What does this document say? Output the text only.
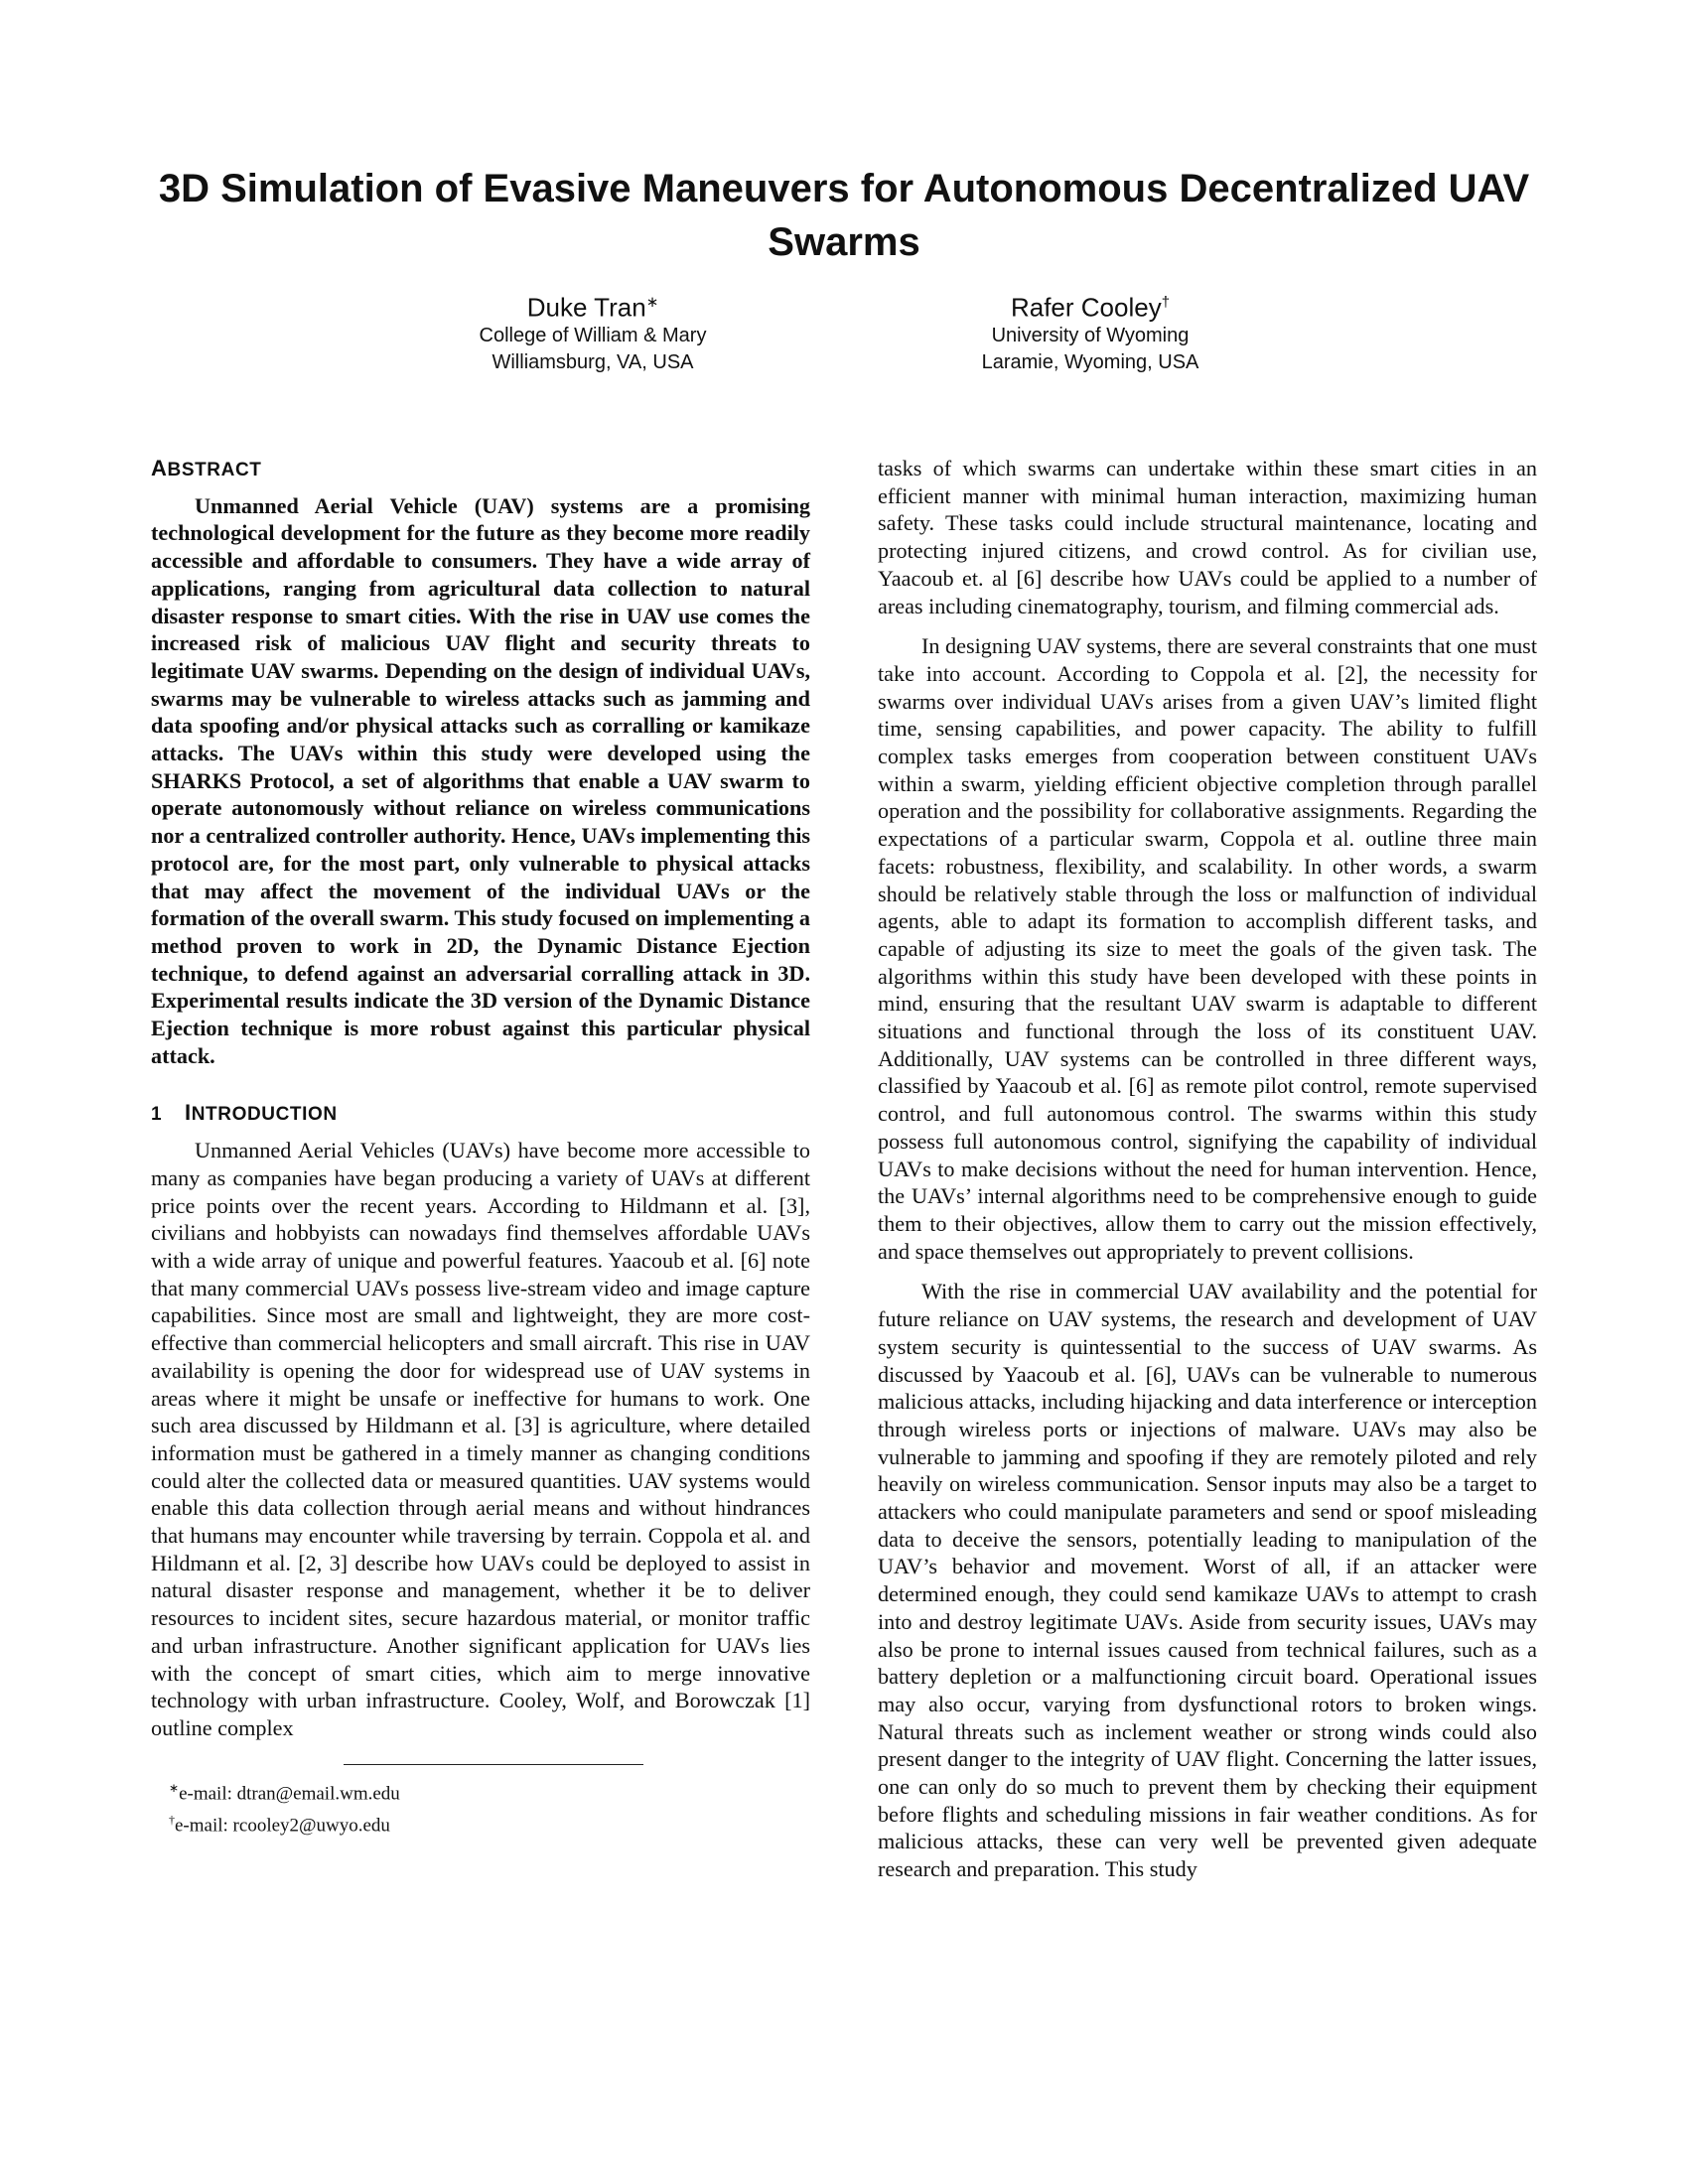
3D Simulation of Evasive Maneuvers for Autonomous Decentralized UAV Swarms
Duke Tran∗
College of William & Mary
Williamsburg, VA, USA
Rafer Cooley†
University of Wyoming
Laramie, Wyoming, USA
ABSTRACT

Unmanned Aerial Vehicle (UAV) systems are a promising technological development for the future as they become more readily accessible and affordable to consumers. They have a wide array of applications, ranging from agricultural data collection to natural disaster response to smart cities. With the rise in UAV use comes the increased risk of malicious UAV flight and security threats to legitimate UAV swarms. Depending on the design of individual UAVs, swarms may be vulnerable to wireless attacks such as jamming and data spoofing and/or physical attacks such as corralling or kamikaze attacks. The UAVs within this study were developed using the SHARKS Protocol, a set of algorithms that enable a UAV swarm to operate autonomously without reliance on wireless communications nor a centralized controller authority. Hence, UAVs implementing this protocol are, for the most part, only vulnerable to physical attacks that may affect the movement of the individual UAVs or the formation of the overall swarm. This study focused on implementing a method proven to work in 2D, the Dynamic Distance Ejection technique, to defend against an adversarial corralling attack in 3D. Experimental results indicate the 3D version of the Dynamic Distance Ejection technique is more robust against this particular physical attack.

1 INTRODUCTION

Unmanned Aerial Vehicles (UAVs) have become more accessible to many as companies have began producing a variety of UAVs at different price points over the recent years. According to Hildmann et al. [3], civilians and hobbyists can nowadays find themselves affordable UAVs with a wide array of unique and powerful features. Yaacoub et al. [6] note that many commercial UAVs possess live-stream video and image capture capabilities. Since most are small and lightweight, they are more cost-effective than commercial helicopters and small aircraft. This rise in UAV availability is opening the door for widespread use of UAV systems in areas where it might be unsafe or ineffective for humans to work. One such area discussed by Hildmann et al. [3] is agriculture, where detailed information must be gathered in a timely manner as changing conditions could alter the collected data or measured quantities. UAV systems would enable this data collection through aerial means and without hindrances that humans may encounter while traversing by terrain. Coppola et al. and Hildmann et al. [2, 3] describe how UAVs could be deployed to assist in natural disaster response and management, whether it be to deliver resources to incident sites, secure hazardous material, or monitor traffic and urban infrastructure. Another significant application for UAVs lies with the concept of smart cities, which aim to merge innovative technology with urban infrastructure. Cooley, Wolf, and Borowczak [1] outline complex

∗e-mail: dtran@email.wm.edu
†e-mail: rcooley2@uwyo.edu

tasks of which swarms can undertake within these smart cities in an efficient manner with minimal human interaction, maximizing human safety. These tasks could include structural maintenance, locating and protecting injured citizens, and crowd control. As for civilian use, Yaacoub et. al [6] describe how UAVs could be applied to a number of areas including cinematography, tourism, and filming commercial ads.

In designing UAV systems, there are several constraints that one must take into account. According to Coppola et al. [2], the necessity for swarms over individual UAVs arises from a given UAV’s limited flight time, sensing capabilities, and power capacity. The ability to fulfill complex tasks emerges from cooperation between constituent UAVs within a swarm, yielding efficient objective completion through parallel operation and the possibility for collaborative assignments. Regarding the expectations of a particular swarm, Coppola et al. outline three main facets: robustness, flexibility, and scalability. In other words, a swarm should be relatively stable through the loss or malfunction of individual agents, able to adapt its formation to accomplish different tasks, and capable of adjusting its size to meet the goals of the given task. The algorithms within this study have been developed with these points in mind, ensuring that the resultant UAV swarm is adaptable to different situations and functional through the loss of its constituent UAV. Additionally, UAV systems can be controlled in three different ways, classified by Yaacoub et al. [6] as remote pilot control, remote supervised control, and full autonomous control. The swarms within this study possess full autonomous control, signifying the capability of individual UAVs to make decisions without the need for human intervention. Hence, the UAVs’ internal algorithms need to be comprehensive enough to guide them to their objectives, allow them to carry out the mission effectively, and space themselves out appropriately to prevent collisions.

With the rise in commercial UAV availability and the potential for future reliance on UAV systems, the research and development of UAV system security is quintessential to the success of UAV swarms. As discussed by Yaacoub et al. [6], UAVs can be vulnerable to numerous malicious attacks, including hijacking and data interference or interception through wireless ports or injections of malware. UAVs may also be vulnerable to jamming and spoofing if they are remotely piloted and rely heavily on wireless communication. Sensor inputs may also be a target to attackers who could manipulate parameters and send or spoof misleading data to deceive the sensors, potentially leading to manipulation of the UAV’s behavior and movement. Worst of all, if an attacker were determined enough, they could send kamikaze UAVs to attempt to crash into and destroy legitimate UAVs. Aside from security issues, UAVs may also be prone to internal issues caused from technical failures, such as a battery depletion or a malfunctioning circuit board. Operational issues may also occur, varying from dysfunctional rotors to broken wings. Natural threats such as inclement weather or strong winds could also present danger to the integrity of UAV flight. Concerning the latter issues, one can only do so much to prevent them by checking their equipment before flights and scheduling missions in fair weather conditions. As for malicious attacks, these can very well be prevented given adequate research and preparation. This study
